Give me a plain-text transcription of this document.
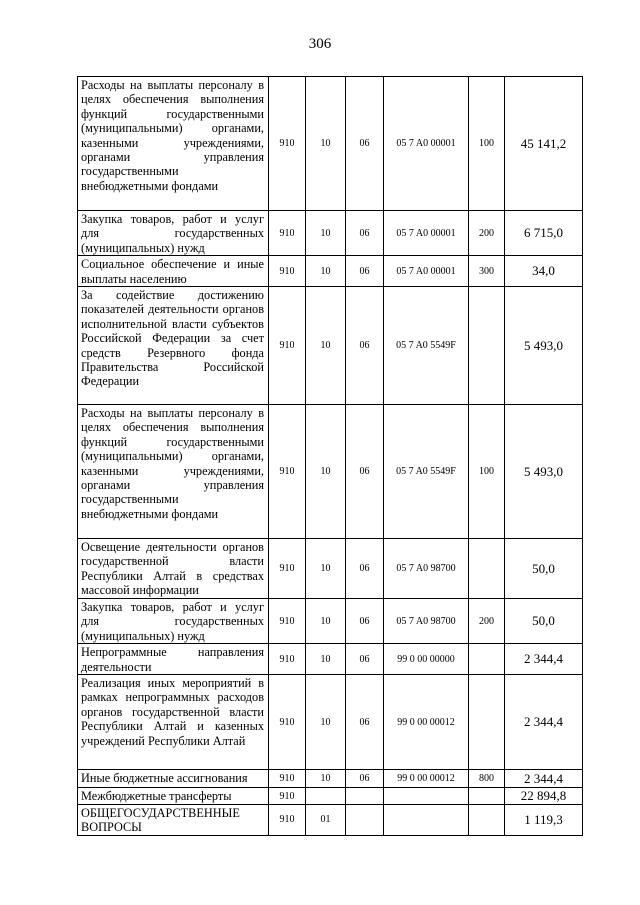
306
Расходы на выплаты персоналу в целях обеспечения выполнения функций государственными (муниципальными) органами, казенными учреждениями, органами управления государственными внебюджетными фондами	910	10	06	05 7 A0 00001	100	45 141,2
Закупка товаров, работ и услуг для государственных (муниципальных) нужд	910	10	06	05 7 A0 00001	200	6 715,0
Социальное обеспечение и иные выплаты населению	910	10	06	05 7 A0 00001	300	34,0
За содействие достижению показателей деятельности органов исполнительной власти субъектов Российской Федерации за счет средств Резервного фонда Правительства Российской Федерации	910	10	06	05 7 A0 5549F		5 493,0
Расходы на выплаты персоналу в целях обеспечения выполнения функций государственными (муниципальными) органами, казенными учреждениями, органами управления государственными внебюджетными фондами	910	10	06	05 7 A0 5549F	100	5 493,0
Освещение деятельности органов государственной власти Республики Алтай в средствах массовой информации	910	10	06	05 7 A0 98700		50,0
Закупка товаров, работ и услуг для государственных (муниципальных) нужд	910	10	06	05 7 A0 98700	200	50,0
Непрограммные направления деятельности	910	10	06	99 0 00 00000		2 344,4
Реализация иных мероприятий в рамках непрограммных расходов органов государственной власти Республики Алтай и казенных учреждений Республики Алтай	910	10	06	99 0 00 00012		2 344,4
Иные бюджетные ассигнования	910	10	06	99 0 00 00012	800	2 344,4
Межбюджетные трансферты	910					22 894,8
ОБЩЕГОСУДАРСТВЕННЫЕ ВОПРОСЫ	910	01				1 119,3
